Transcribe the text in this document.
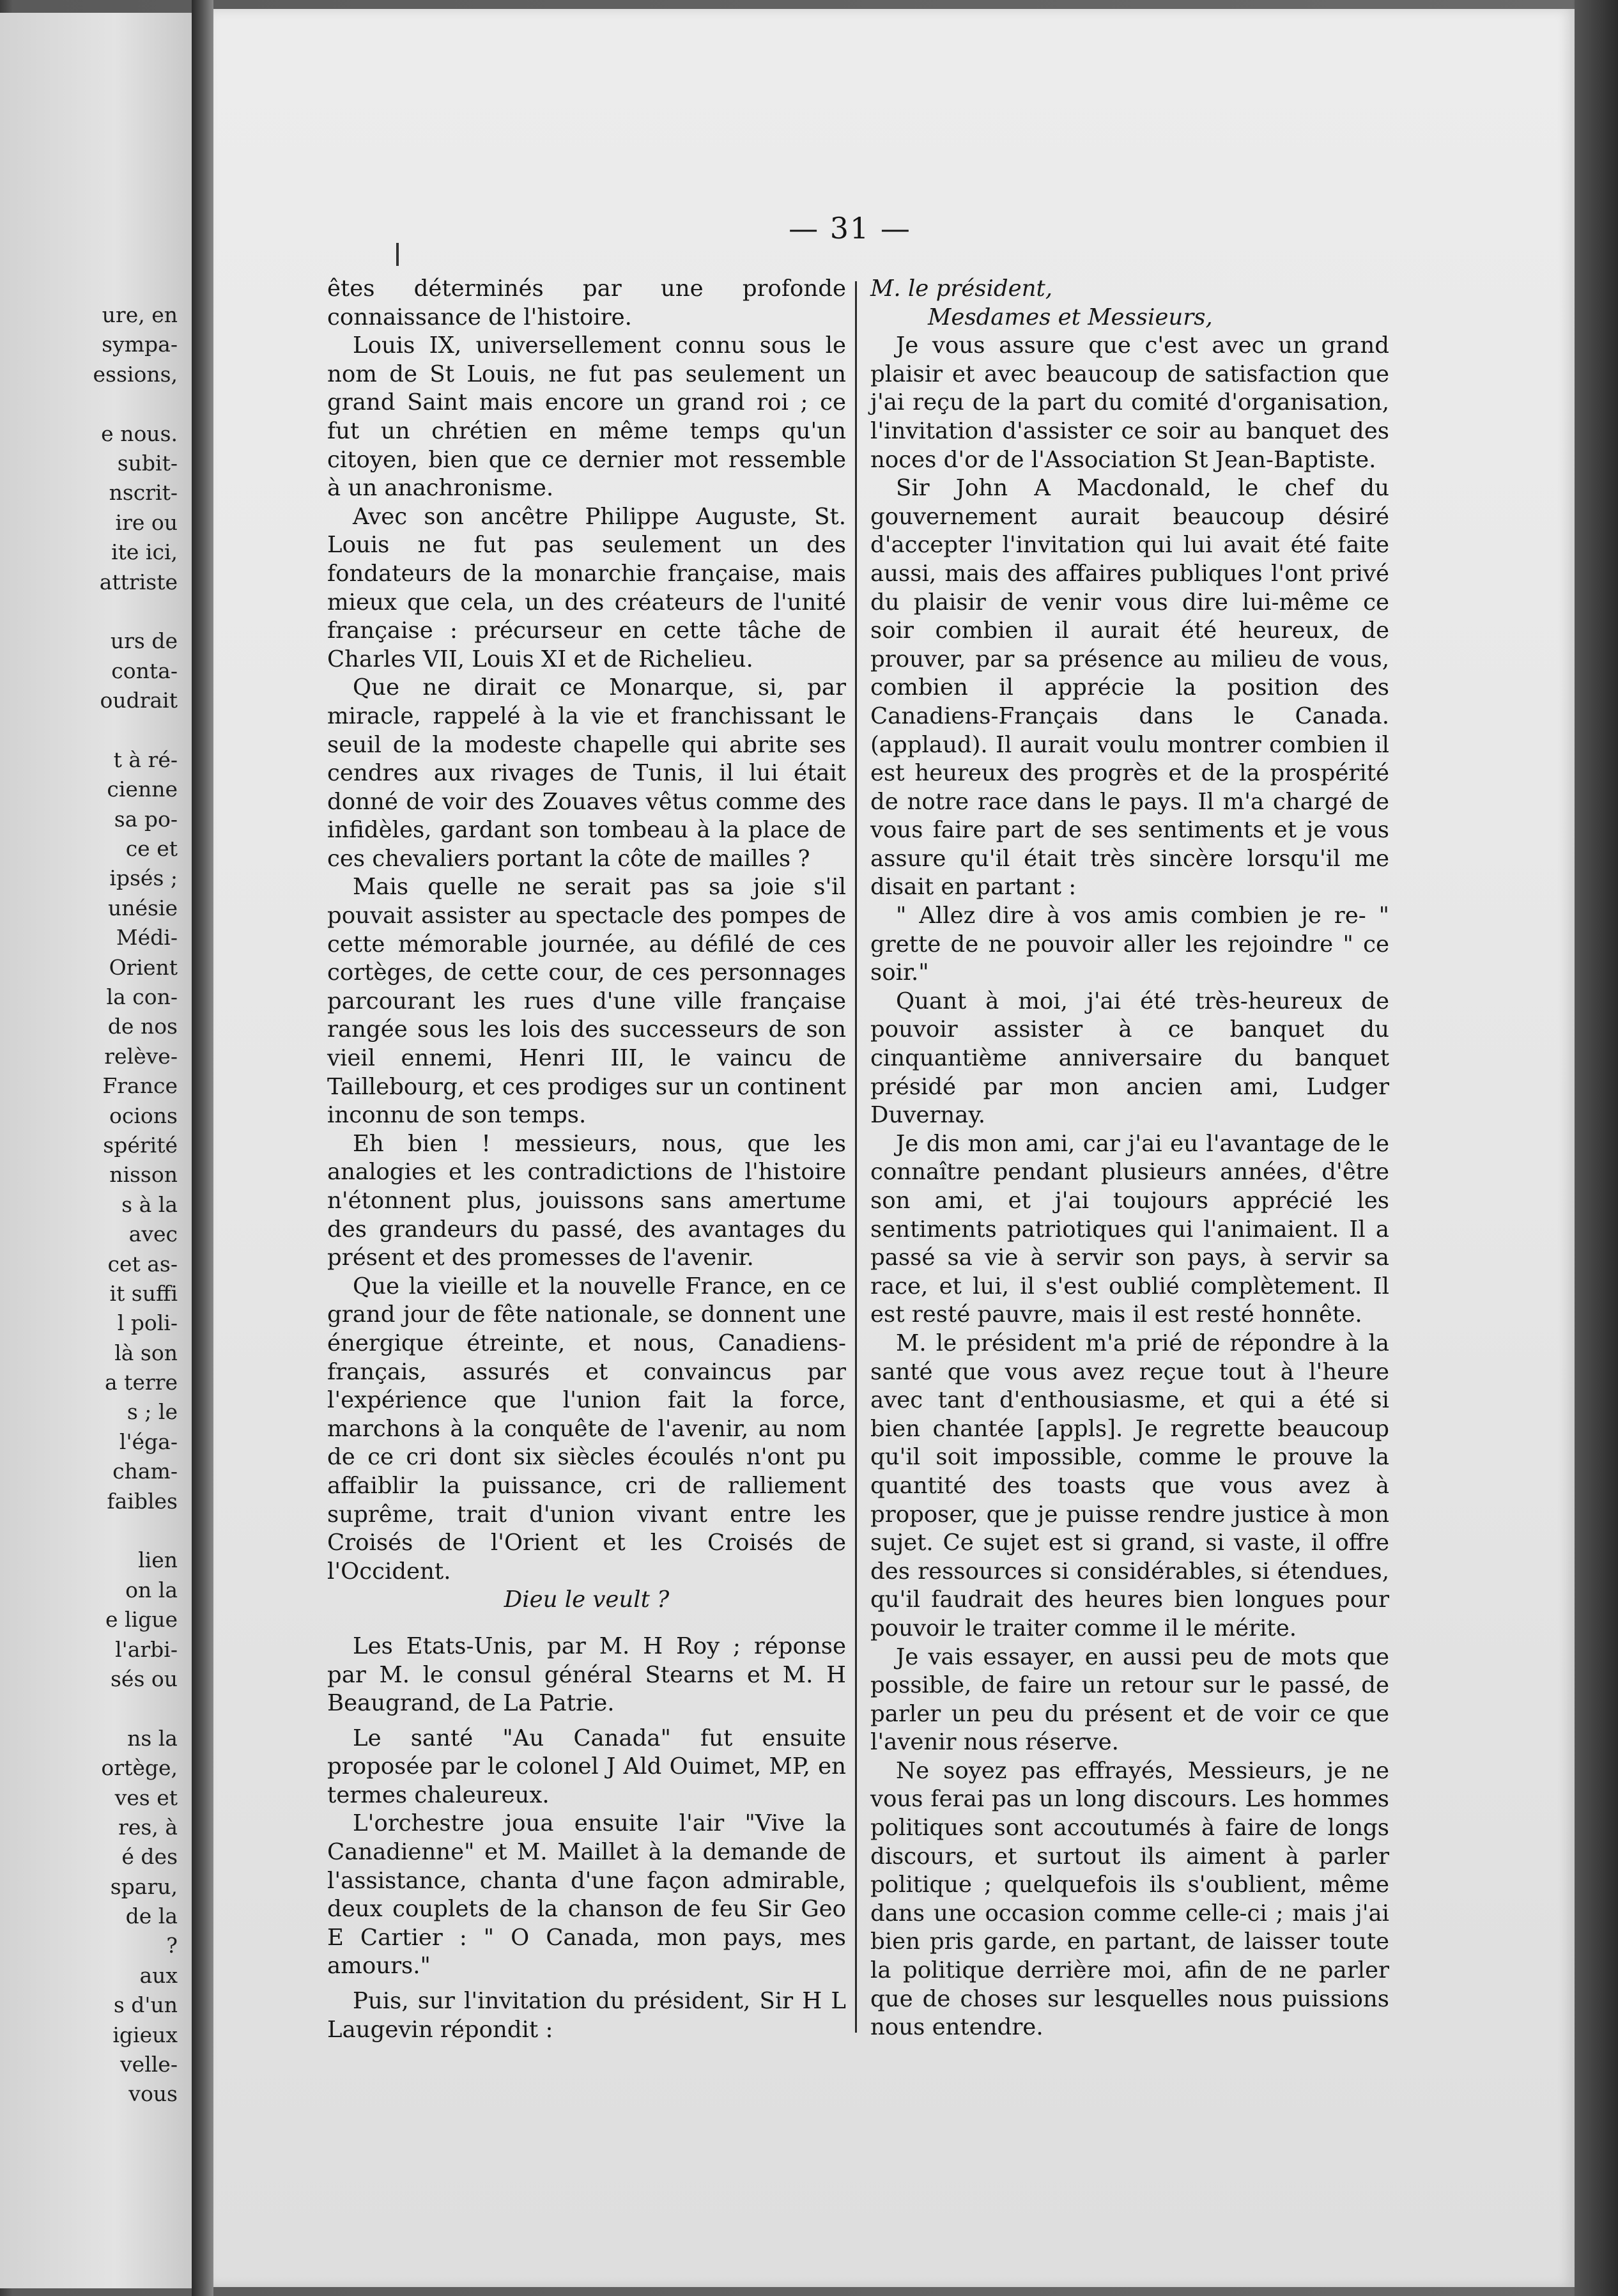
ure, en
sympa-
essions,
e nous.
subit-
nscrit-
ire ou
ite ici,
attriste
urs de
conta-
oudrait
t à ré-
cienne
sa po-
ce et
ipsés ;
unésie
Médi-
Orient
la con-
de nos
relève-
France
ocions
spérité
nisson
s à la
avec
cet as-
it suffi
l poli-
là son
a terre
s ; le
l'éga-
cham-
faibles
lien
on la
e ligue
l'arbi-
sés ou
ns la
ortège,
ves et
res, à
é des
sparu,
de la
?
aux
s d'un
igieux
velle-
vous
— 31 —

êtes déterminés par une profonde connaissance de l'histoire.

Louis IX, universellement connu sous le nom de St Louis, ne fut pas seulement un grand Saint mais encore un grand roi ; ce fut un chrétien en même temps qu'un citoyen, bien que ce dernier mot ressemble à un anachronisme.

Avec son ancêtre Philippe Auguste, St. Louis ne fut pas seulement un des fondateurs de la monarchie française, mais mieux que cela, un des créateurs de l'unité française : précurseur en cette tâche de Charles VII, Louis XI et de Richelieu.

Que ne dirait ce Monarque, si, par miracle, rappelé à la vie et franchissant le seuil de la modeste chapelle qui abrite ses cendres aux rivages de Tunis, il lui était donné de voir des Zouaves vêtus comme des infidèles, gardant son tombeau à la place de ces chevaliers portant la côte de mailles ?

Mais quelle ne serait pas sa joie s'il pouvait assister au spectacle des pompes de cette mémorable journée, au défilé de ces cortèges, de cette cour, de ces personnages parcourant les rues d'une ville française rangée sous les lois des successeurs de son vieil ennemi, Henri III, le vaincu de Taillebourg, et ces prodiges sur un continent inconnu de son temps.

Eh bien ! messieurs, nous, que les analogies et les contradictions de l'histoire n'étonnent plus, jouissons sans amertume des grandeurs du passé, des avantages du présent et des promesses de l'avenir.

Que la vieille et la nouvelle France, en ce grand jour de fête nationale, se donnent une énergique étreinte, et nous, Canadiens-français, assurés et convaincus par l'expérience que l'union fait la force, marchons à la conquête de l'avenir, au nom de ce cri dont six siècles écoulés n'ont pu affaiblir la puissance, cri de ralliement suprême, trait d'union vivant entre les Croisés de l'Orient et les Croisés de l'Occident.

Dieu le veult ?

Les Etats-Unis, par M. H Roy ; réponse par M. le consul général Stearns et M. H Beaugrand, de La Patrie.

Le santé "Au Canada" fut ensuite proposée par le colonel J Ald Ouimet, MP, en termes chaleureux.

L'orchestre joua ensuite l'air "Vive la Canadienne" et M. Maillet à la demande de l'assistance, chanta d'une façon admirable, deux couplets de la chanson de feu Sir Geo E Cartier : " O Canada, mon pays, mes amours."

Puis, sur l'invitation du président, Sir H L Laugevin répondit :

M. le président,

Mesdames et Messieurs,

Je vous assure que c'est avec un grand plaisir et avec beaucoup de satisfaction que j'ai reçu de la part du comité d'organisation, l'invitation d'assister ce soir au banquet des noces d'or de l'Association St Jean-Baptiste.

Sir John A Macdonald, le chef du gouvernement aurait beaucoup désiré d'accepter l'invitation qui lui avait été faite aussi, mais des affaires publiques l'ont privé du plaisir de venir vous dire lui-même ce soir combien il aurait été heureux, de prouver, par sa présence au milieu de vous, combien il apprécie la position des Canadiens-Français dans le Canada. (applaud). Il aurait voulu montrer combien il est heureux des progrès et de la prospérité de notre race dans le pays. Il m'a chargé de vous faire part de ses sentiments et je vous assure qu'il était très sincère lorsqu'il me disait en partant :

" Allez dire à vos amis combien je re- " grette de ne pouvoir aller les rejoindre " ce soir."

Quant à moi, j'ai été très-heureux de pouvoir assister à ce banquet du cinquantième anniversaire du banquet présidé par mon ancien ami, Ludger Duvernay.

Je dis mon ami, car j'ai eu l'avantage de le connaître pendant plusieurs années, d'être son ami, et j'ai toujours apprécié les sentiments patriotiques qui l'animaient. Il a passé sa vie à servir son pays, à servir sa race, et lui, il s'est oublié complètement. Il est resté pauvre, mais il est resté honnête.

M. le président m'a prié de répondre à la santé que vous avez reçue tout à l'heure avec tant d'enthousiasme, et qui a été si bien chantée [appls]. Je regrette beaucoup qu'il soit impossible, comme le prouve la quantité des toasts que vous avez à proposer, que je puisse rendre justice à mon sujet. Ce sujet est si grand, si vaste, il offre des ressources si considérables, si étendues, qu'il faudrait des heures bien longues pour pouvoir le traiter comme il le mérite.

Je vais essayer, en aussi peu de mots que possible, de faire un retour sur le passé, de parler un peu du présent et de voir ce que l'avenir nous réserve.

Ne soyez pas effrayés, Messieurs, je ne vous ferai pas un long discours. Les hommes politiques sont accoutumés à faire de longs discours, et surtout ils aiment à parler politique ; quelquefois ils s'oublient, même dans une occasion comme celle-ci ; mais j'ai bien pris garde, en partant, de laisser toute la politique derrière moi, afin de ne parler que de choses sur lesquelles nous puissions nous entendre.
